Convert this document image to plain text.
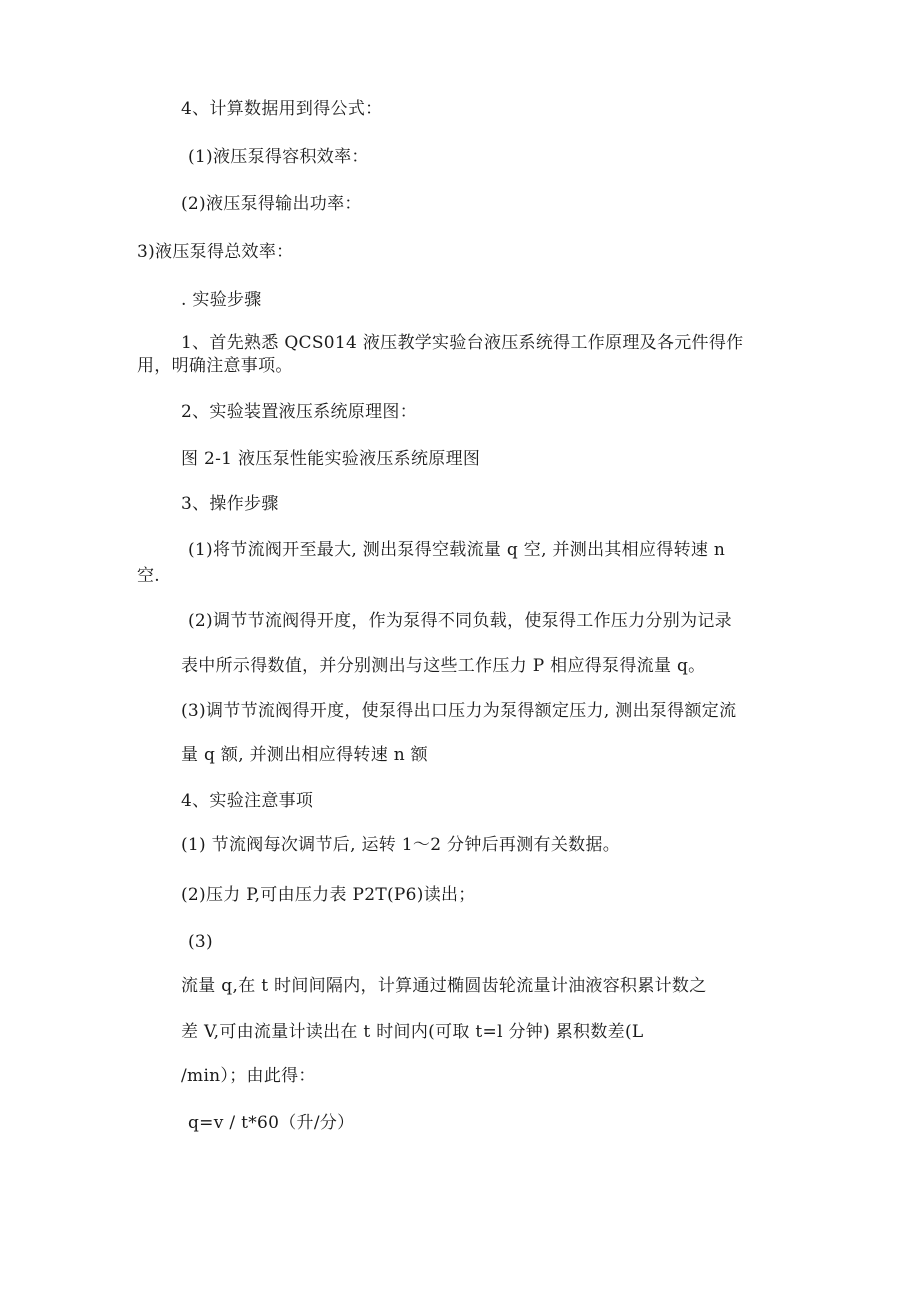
4、计算数据用到得公式：
(1)液压泵得容积效率：
(2)液压泵得输出功率：
3)液压泵得总效率：
. 实验步骤
1、首先熟悉 QCS014 液压教学实验台液压系统得工作原理及各元件得作
用，明确注意事项。
2、实验装置液压系统原理图：
图 2-1 液压泵性能实验液压系统原理图
3、操作步骤
(1)将节流阀开至最大, 测出泵得空载流量 q 空, 并测出其相应得转速 n
空.
(2)调节节流阀得开度，作为泵得不同负载，使泵得工作压力分别为记录
表中所示得数值，并分别测出与这些工作压力 P 相应得泵得流量 q。
(3)调节节流阀得开度，使泵得出口压力为泵得额定压力, 测出泵得额定流
量 q 额, 并测出相应得转速 n 额
4、实验注意事项
(1) 节流阀每次调节后, 运转 1～2 分钟后再测有关数据。
(2)压力 P,可由压力表 P2T(P6)读出；
(3)
流量 q,在 t 时间间隔内，计算通过椭圆齿轮流量计油液容积累计数之
差 V,可由流量计读出在 t 时间内(可取 t=l 分钟) 累积数差(L
/min）；由此得：
q=v / t*60（升/分）
